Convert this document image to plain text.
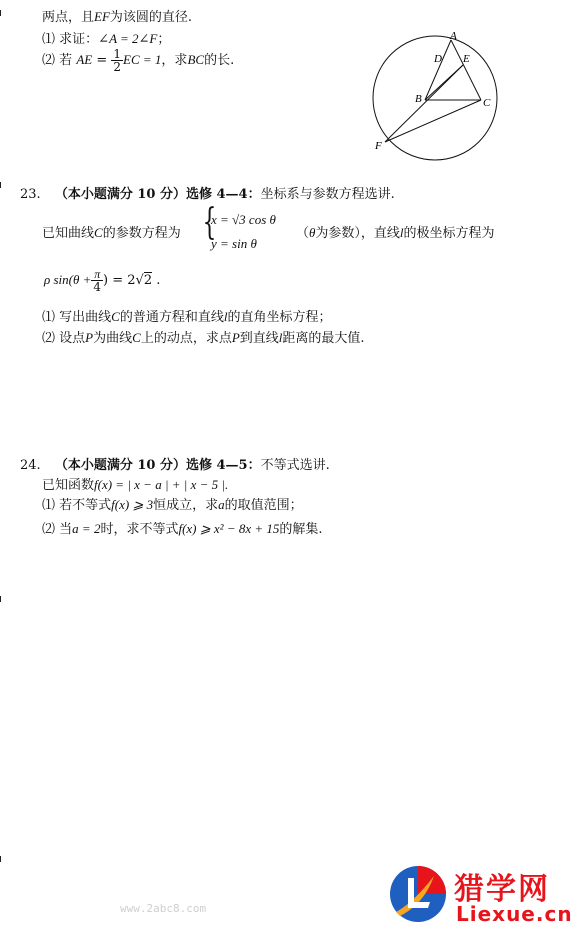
两点，且EF为该圆的直径.
⑴ 求证：∠A = 2∠F；
⑵ 若 AE = $\frac{1}{2}$ EC = 1，求BC的长.
A
D E
B	C
F
23. （本小题满分 10 分）选修 4—4：坐标系与参数方程选讲.
已知曲线C的参数方程为 {
x = √3 cos θ
y = sin θ
（θ为参数），直线l的极坐标方程为
ρ $\sin(\theta + \frac{\pi}{4}$ ) = 2√2 .
⑴ 写出曲线C的普通方程和直线l的直角坐标方程；
⑵ 设点P为曲线C上的动点，求点P到直线l距离的最大值.
24. （本小题满分 10 分）选修 4—5：不等式选讲.
已知函数f(x) = | x − a | + | x − 5 |.
⑴ 若不等式f(x) ⩾ 3恒成立，求a的取值范围；
⑵ 当a = 2时，求不等式f(x) ⩾ x² − 8x + 15的解集.
www.2abc8.com
猎学网
Liexue.cn
